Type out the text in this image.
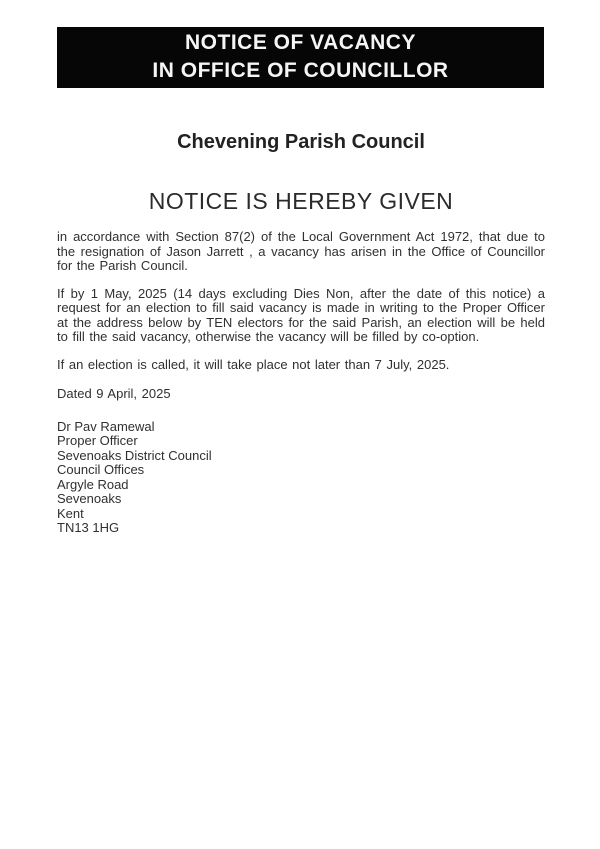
NOTICE OF VACANCY
IN OFFICE OF COUNCILLOR
Chevening Parish Council
NOTICE IS HEREBY GIVEN

in accordance with Section 87(2) of the Local Government Act 1972, that due to the resignation of Jason Jarrett , a vacancy has arisen in the Office of Councillor for the Parish Council.

If by 1 May, 2025 (14 days excluding Dies Non, after the date of this notice) a request for an election to fill said vacancy is made in writing to the Proper Officer at the address below by TEN electors for the said Parish, an election will be held to fill the said vacancy, otherwise the vacancy will be filled by co-option.

If an election is called, it will take place not later than 7 July, 2025.

Dated 9 April, 2025

Dr Pav Ramewal
Proper Officer
Sevenoaks District Council
Council Offices
Argyle Road
Sevenoaks
Kent
TN13 1HG
